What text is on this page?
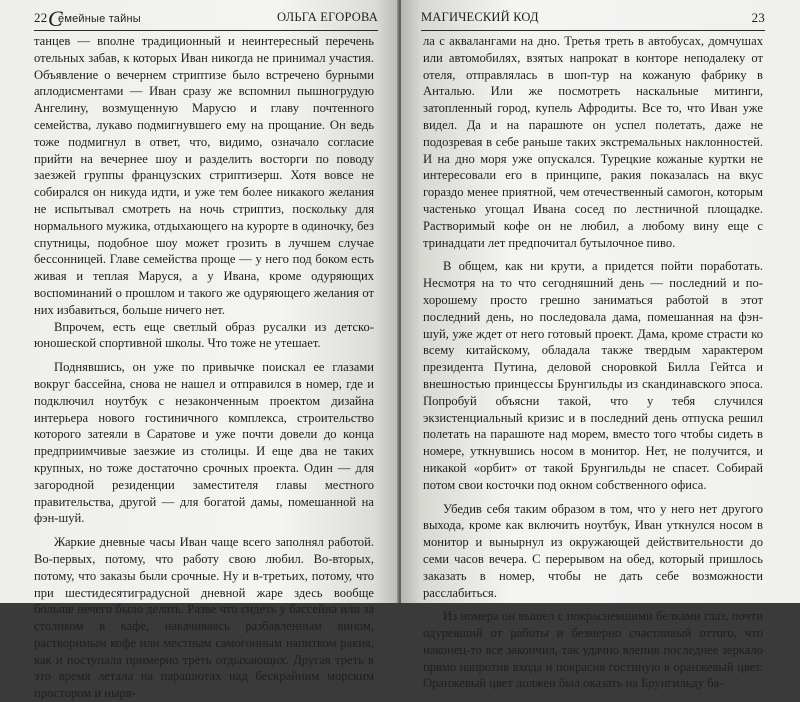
22 С
емейные тайны	ОЛЬГА ЕГОРОВА

танцев — вполне традиционный и неинтересный перечень отельных забав, к которых Иван никогда не принимал участия. Объявление о вечернем стриптизе было встречено бурными аплодисментами — Иван сразу же вспомнил пышногрудую Ангелину, возмущенную Марусю и главу почтенного семейства, лукаво подмигнувшего ему на прощание. Он ведь тоже подмигнул в ответ, что, видимо, означало согласие прийти на вечернее шоу и разделить восторги по поводу заезжей группы французских стриптизерш. Хотя вовсе не собирался он никуда идти, и уже тем более никакого желания не испытывал смотреть на ночь стриптиз, поскольку для нормального мужика, отдыхающего на курорте в одиночку, без спутницы, подобное шоу может грозить в лучшем случае бессонницей. Главе семейства проще — у него под боком есть живая и теплая Маруся, а у Ивана, кроме одуряющих воспоминаний о прошлом и такого же одуряющего желания от них избавиться, больше ничего нет.

Впрочем, есть еще светлый образ русалки из детско-юношеской спортивной школы. Что тоже не утешает.

Поднявшись, он уже по привычке поискал ее глазами вокруг бассейна, снова не нашел и отправился в номер, где и подключил ноутбук с незаконченным проектом дизайна интерьера нового гостиничного комплекса, строительство которого затеяли в Саратове и уже почти довели до конца предприимчивые заезжие из столицы. И еще два не таких крупных, но тоже достаточно срочных проекта. Один — для загородной резиденции заместителя главы местного правительства, другой — для богатой дамы, помешанной на фэн-шуй.

Жаркие дневные часы Иван чаще всего заполнял работой. Во-первых, потому, что работу свою любил. Во-вторых, потому, что заказы были срочные. Ну и в-третьих, потому, что при шестидесятиградусной дневной жаре здесь вообще больше нечего было делать. Разве что сидеть у бассейна или за столиком в кафе, накачиваясь разбавленным вином, растворимым кофе или местным самогонным напитком ракия, как и поступала примерно треть отдыхающих. Другая треть в это время летала на парашютах над бескрайним морским простором и ныря-

МАГИЧЕСКИЙ КОД	23

ла с аквалангами на дно. Третья треть в автобусах, домчушах или автомобилях, взятых напрокат в конторе неподалеку от отеля, отправлялась в шоп-тур на кожаную фабрику в Анталью. Или же посмотреть наскальные митинги, затопленный город, купель Афродиты. Все то, что Иван уже видел. Да и на парашюте он успел полетать, даже не подозревая в себе раньше таких экстремальных наклонностей. И на дно моря уже опускался. Турецкие кожаные куртки не интересовали его в принципе, ракия показалась на вкус гораздо менее приятной, чем отечественный самогон, которым частенько угощал Ивана сосед по лестничной площадке. Растворимый кофе он не любил, а любому вину еще с тринадцати лет предпочитал бутылочное пиво.

В общем, как ни крути, а придется пойти поработать. Несмотря на то что сегодняшний день — последний и по-хорошему просто грешно заниматься работой в этот последний день, но последовала дама, помешанная на фэн-шуй, уже ждет от него готовый проект. Дама, кроме страсти ко всему китайскому, обладала также твердым характером президента Путина, деловой сноровкой Билла Гейтса и внешностью принцессы Брунгильды из скандинавского эпоса. Попробуй объясни такой, что у тебя случился экзистенциальный кризис и в последний день отпуска решил полетать на парашюте над морем, вместо того чтобы сидеть в номере, уткнувшись носом в монитор. Нет, не получится, и никакой «орбит» от такой Брунгильды не спасет. Собирай потом свои косточки под окном собственного офиса.

Убедив себя таким образом в том, что у него нет другого выхода, кроме как включить ноутбук, Иван уткнулся носом в монитор и вынырнул из окружающей действительности до семи часов вечера. С перерывом на обед, который пришлось заказать в номер, чтобы не дать себе возможности расслабиться.

Из номера он вышел с покрасневшими белками глаз, почти одуревший от работы и безмерно счастливый оттого, что наконец-то все закончил, так удачно влепив последнее зеркало прямо напротив входа и покрасив гостиную в оранжевый цвет. Оранжевый цвет должен был оказать на Брунгильду ба-
